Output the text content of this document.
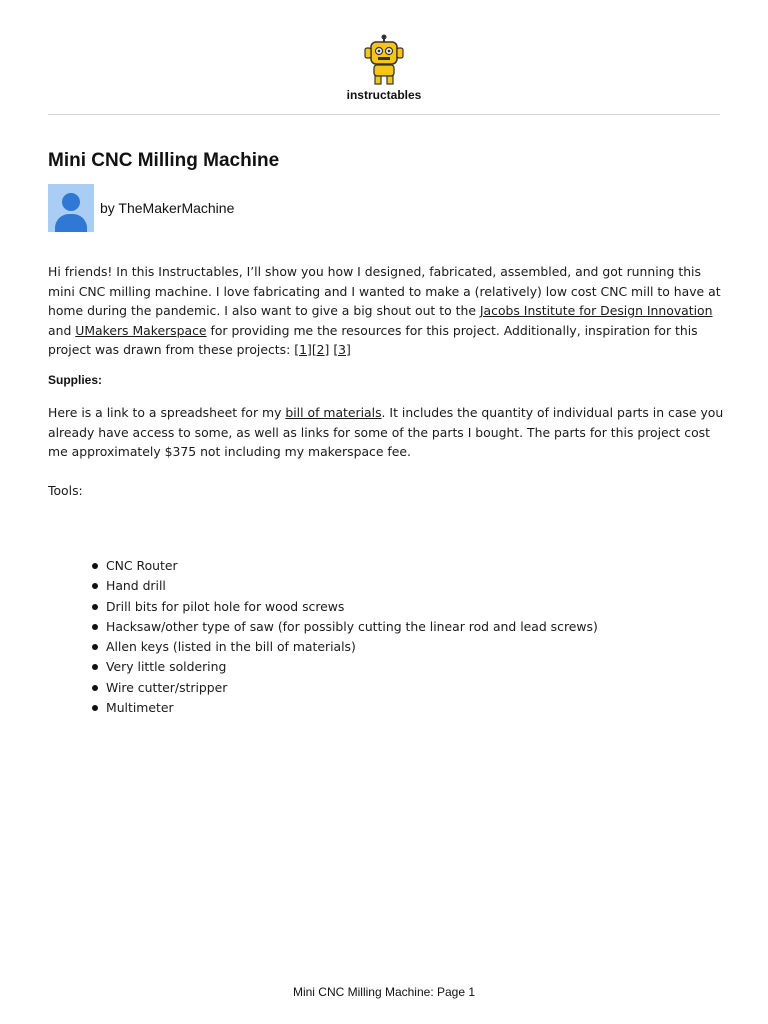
instructables
Mini CNC Milling Machine
by TheMakerMachine

Hi friends! In this Instructables, I’ll show you how I designed, fabricated, assembled, and got running this mini CNC milling machine. I love fabricating and I wanted to make a (relatively) low cost CNC mill to have at home during the pandemic. I also want to give a big shout out to the Jacobs Institute for Design Innovation and UMakers Makerspace for providing me the resources for this project. Additionally, inspiration for this project was drawn from these projects: [1][2] [3]

Supplies:

Here is a link to a spreadsheet for my bill of materials. It includes the quantity of individual parts in case you already have access to some, as well as links for some of the parts I bought. The parts for this project cost me approximately $375 not including my makerspace fee.

Tools:

CNC Router
Hand drill
Drill bits for pilot hole for wood screws
Hacksaw/other type of saw (for possibly cutting the linear rod and lead screws)
Allen keys (listed in the bill of materials)
Very little soldering
Wire cutter/stripper
Multimeter
Mini CNC Milling Machine: Page 1
